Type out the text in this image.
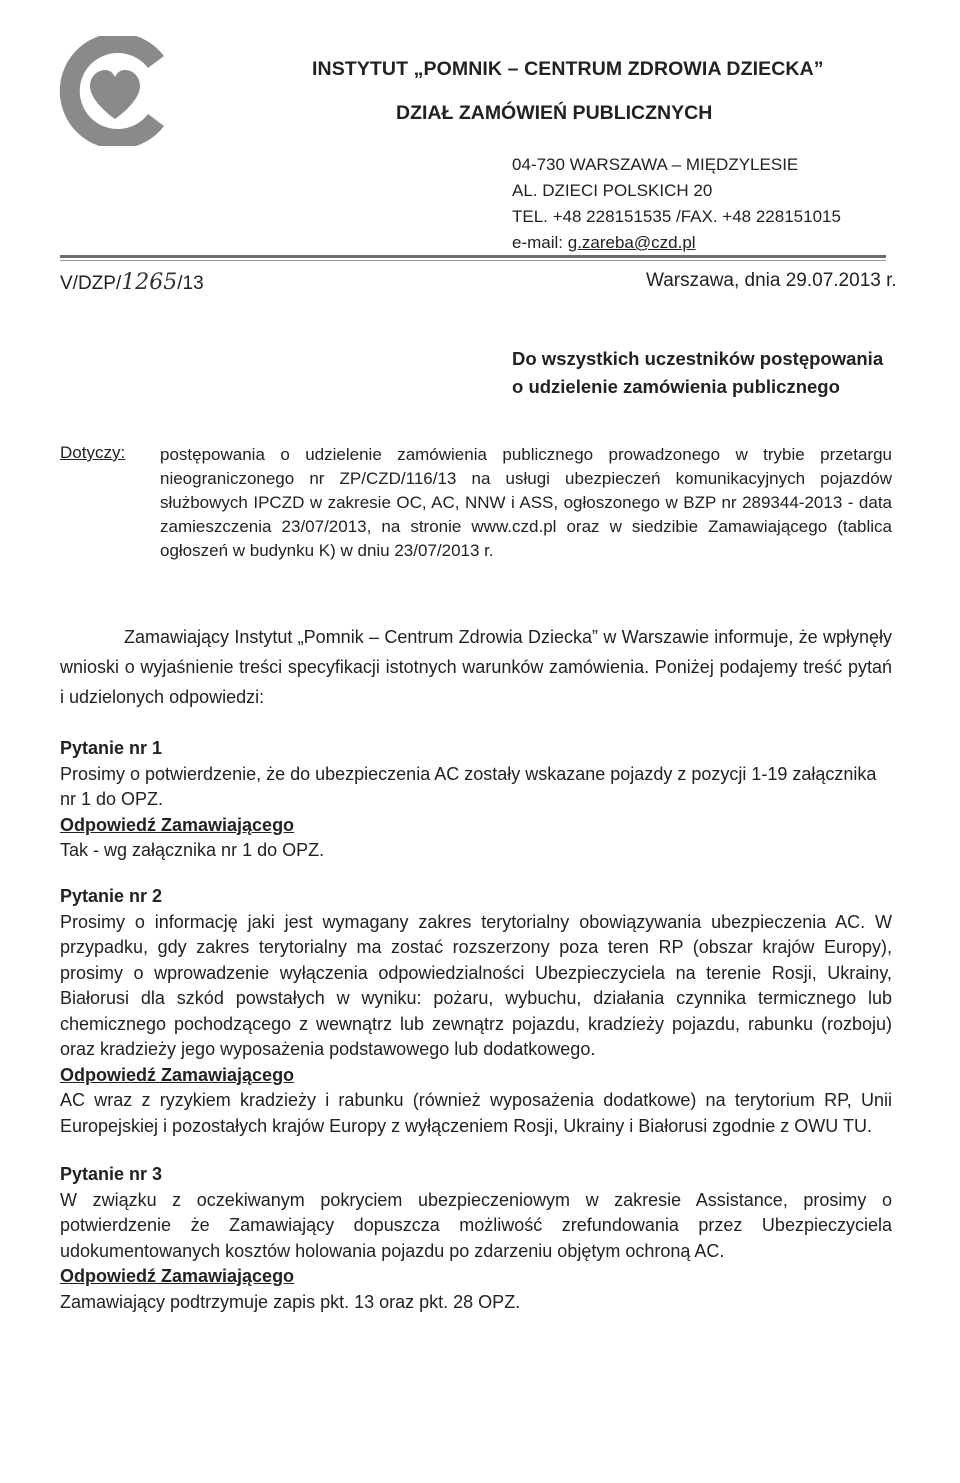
INSTYTUT „POMNIK – CENTRUM ZDROWIA DZIECKA”
DZIAŁ ZAMÓWIEŃ PUBLICZNYCH
04-730 WARSZAWA – MIĘDZYLESIE
AL. DZIECI POLSKICH 20
TEL. +48 228151535 /FAX. +48 228151015
e-mail: g.zareba@czd.pl
V/DZP/1265/13	Warszawa, dnia 29.07.2013 r.
Do wszystkich uczestników postępowania
o udzielenie zamówienia publicznego
Dotyczy: postępowania o udzielenie zamówienia publicznego prowadzonego w trybie przetargu nieograniczonego nr ZP/CZD/116/13 na usługi ubezpieczeń komunikacyjnych pojazdów służbowych IPCZD w zakresie OC, AC, NNW i ASS, ogłoszonego w BZP nr 289344-2013 - data zamieszczenia 23/07/2013, na stronie www.czd.pl oraz w siedzibie Zamawiającego (tablica ogłoszeń w budynku K) w dniu 23/07/2013 r.
Zamawiający Instytut „Pomnik – Centrum Zdrowia Dziecka” w Warszawie informuje, że wpłynęły wnioski o wyjaśnienie treści specyfikacji istotnych warunków zamówienia. Poniżej podajemy treść pytań i udzielonych odpowiedzi:
Pytanie nr 1
Prosimy o potwierdzenie, że do ubezpieczenia AC zostały wskazane pojazdy z pozycji 1-19 załącznika nr 1 do OPZ.
Odpowiedź Zamawiającego
Tak - wg załącznika nr 1 do OPZ.
Pytanie nr 2
Prosimy o informację jaki jest wymagany zakres terytorialny obowiązywania ubezpieczenia AC. W przypadku, gdy zakres terytorialny ma zostać rozszerzony poza teren RP (obszar krajów Europy), prosimy o wprowadzenie wyłączenia odpowiedzialności Ubezpieczyciela na terenie Rosji, Ukrainy, Białorusi dla szkód powstałych w wyniku: pożaru, wybuchu, działania czynnika termicznego lub chemicznego pochodzącego z wewnątrz lub zewnątrz pojazdu, kradzieży pojazdu, rabunku (rozboju) oraz kradzieży jego wyposażenia podstawowego lub dodatkowego.
Odpowiedź Zamawiającego
AC wraz z ryzykiem kradzieży i rabunku (również wyposażenia dodatkowe) na terytorium RP, Unii Europejskiej i pozostałych krajów Europy z wyłączeniem Rosji, Ukrainy i Białorusi zgodnie z OWU TU.
Pytanie nr 3
W związku z oczekiwanym pokryciem ubezpieczeniowym w zakresie Assistance, prosimy o potwierdzenie że Zamawiający dopuszcza możliwość zrefundowania przez Ubezpieczyciela udokumentowanych kosztów holowania pojazdu po zdarzeniu objętym ochroną AC.
Odpowiedź Zamawiającego
Zamawiający podtrzymuje zapis pkt. 13 oraz pkt. 28 OPZ.
